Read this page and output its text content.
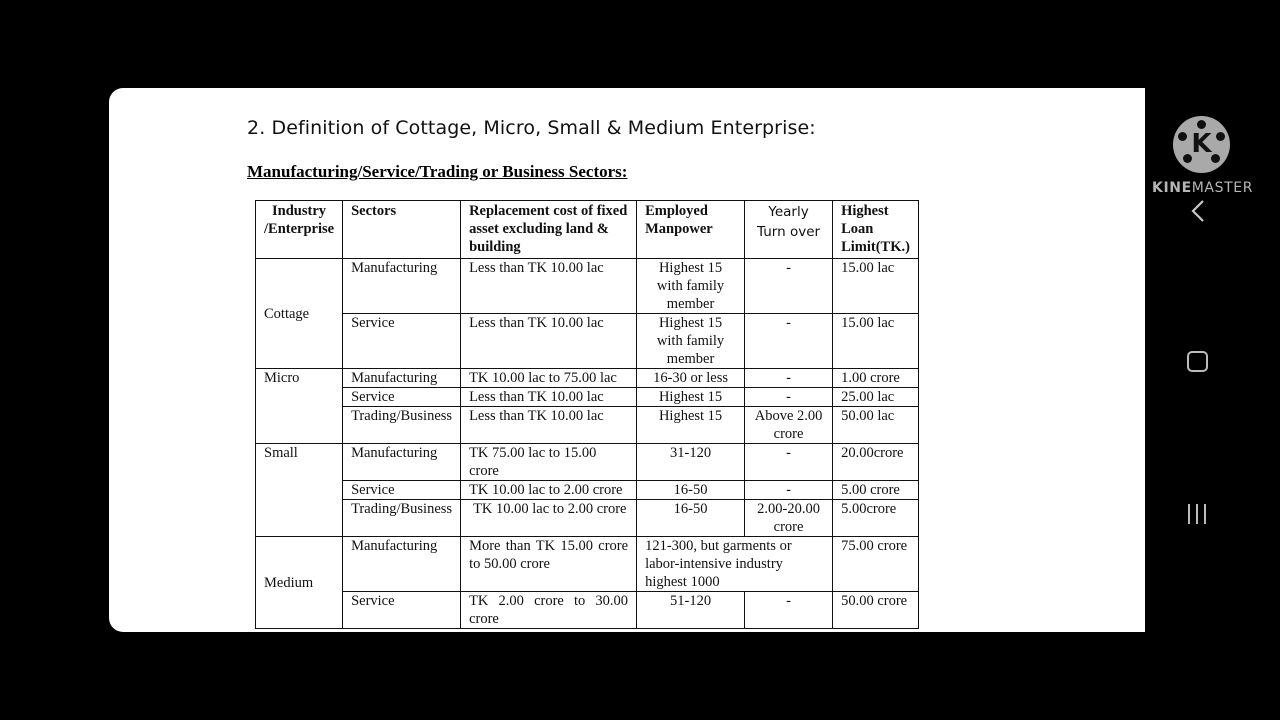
2. Definition of Cottage, Micro, Small & Medium Enterprise:
Manufacturing/Service/Trading or Business Sectors:
Industry /Enterprise	Sectors	Replacement cost of fixed asset excluding land & building	Employed Manpower	Yearly Turn over	Highest Loan Limit(TK.)
Cottage	Manufacturing	Less than TK 10.00 lac	Highest 15 with family member	-	15.00 lac
	Service	Less than TK 10.00 lac	Highest 15 with family member	-	15.00 lac
Micro	Manufacturing	TK 10.00 lac to 75.00 lac	16-30 or less	-	1.00 crore
	Service	Less than TK 10.00 lac	Highest 15	-	25.00 lac
	Trading/Business	Less than TK 10.00 lac	Highest 15	Above 2.00 crore	50.00 lac
Small	Manufacturing	TK 75.00 lac to 15.00 crore	31-120	-	20.00crore
	Service	TK 10.00 lac to 2.00 crore	16-50	-	5.00 crore
	Trading/Business	TK 10.00 lac to 2.00 crore	16-50	2.00-20.00 crore	5.00crore
Medium	Manufacturing	More than TK 15.00 crore to 50.00 crore	121-300, but garments or labor-intensive industry highest 1000		75.00 crore
	Service	TK 2.00 crore to 30.00 crore	51-120	-	50.00 crore
K
KINEMASTER
